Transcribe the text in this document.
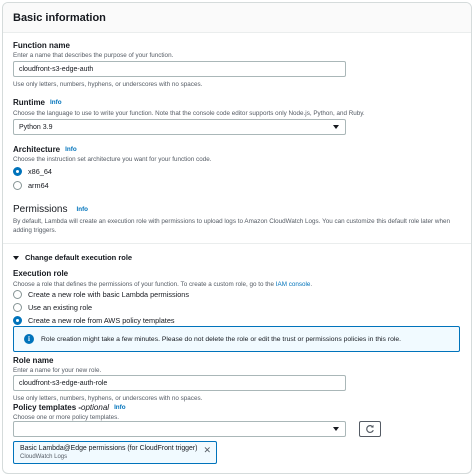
Basic information
Function name
Enter a name that describes the purpose of your function.
cloudfront-s3-edge-auth
Use only letters, numbers, hyphens, or underscores with no spaces.
Runtime Info
Choose the language to use to write your function. Note that the console code editor supports only Node.js, Python, and Ruby.
Python 3.9
Architecture Info
Choose the instruction set architecture you want for your function code.
x86_64
arm64
Permissions Info
By default, Lambda will create an execution role with permissions to upload logs to Amazon CloudWatch Logs. You can customize this default role later when adding triggers.
Change default execution role
Execution role
Choose a role that defines the permissions of your function. To create a custom role, go to the IAM console.
Create a new role with basic Lambda permissions
Use an existing role
Create a new role from AWS policy templates
i	Role creation might take a few minutes. Please do not delete the role or edit the trust or permissions policies in this role.
Role name
Enter a name for your new role.
cloudfront-s3-edge-auth-role
Use only letters, numbers, hyphens, or underscores with no spaces.
Policy templates - optional Info
Choose one or more policy templates.
Basic Lambda@Edge permissions (for CloudFront trigger)
CloudWatch Logs
✕
